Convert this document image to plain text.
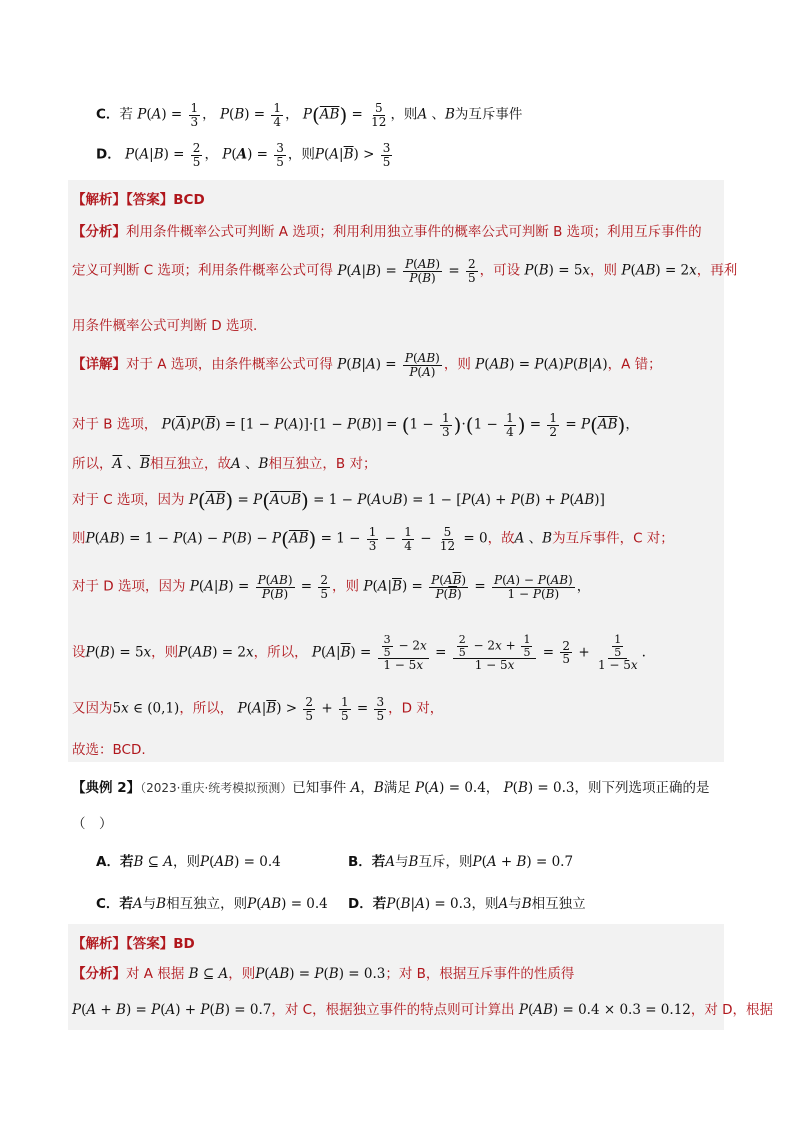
C．若 $P(A) = \frac{1}{3}$ ， $P(B) = \frac{1}{4}$ ， $P(\overline{AB}) = \frac{5}{12}$ ，则A 、B为互斥事件
D． $P(A|B) = \frac{2}{5}$ ， $P(A) = \frac{3}{5}$ ，则$P(A|\overline{B}) > \frac{3}{5}$
【解析】【答案】BCD
【分析】利用条件概率公式可判断 A 选项；利用利用独立事件的概率公式可判断 B 选项；利用互斥事件的
定义可判断 C 选项；利用条件概率公式可得 $P(A|B) = \frac{P(AB)}{P(B)} = \frac{2}{5}$ ，可设 P(B) = 5x，则 P(AB) = 2x，再利
用条件概率公式可判断 D 选项.
【详解】对于 A 选项，由条件概率公式可得 $P(B|A) = \frac{P(AB)}{P(A)}$ ，则 P(AB) = P(A)P(B|A)，A 错；
对于 B 选项， $P(\overline{A})P(\overline{B}) = [1 - P(A)]\cdot[1 - P(B)] = (1 - \frac{1}{3} )\cdot(1 - \frac{1}{4}$ ) = $\frac{1}{2} = P(\overline{AB})$，
所以，$\overline{A}$ 、$\overline{B}$相互独立，故A 、B相互独立，B 对；
对于 C 选项，因为 $P(\overline{AB})$ = P(A∪B) = 1 − P(A∪B) = 1 − [P(A) + P(B) + P(AB)]
则$P(AB) = 1 - P(A) - P(B) - P(\overline{AB}) = 1 - \frac{1}{3} - \frac{1}{4} - \frac{5}{12} = 0$，故A 、B为互斥事件，C 对；
对于 D 选项，因为 $P(A|B) = \frac{P(AB)}{P(B)} = \frac{2}{5}$ ，则 $P(A|\overline{B}) = \frac{P(A\overline{B})}{P(\overline{B})} = \frac{P(A) - P(AB)}{1 - P(B)}$ ，
设P(B) = 5x，则P(AB) = 2x，所以， $P(A|\overline{B}) = \frac{\frac{3}{5} - 2x}{1 - 5x} = \frac{\frac{2}{5} - 2x + \frac{1}{5}}{1 - 5x} = \frac{2}{5} + \frac{\frac{1}{5}}{1 - 5x}$ .
又因为5x ∈ (0,1)，所以， $P(A|\overline{B}) > \frac{2}{5} + \frac{1}{5} = \frac{3}{5}$ ，D 对，
故选：BCD.
【典例 2】（2023·重庆·统考模拟预测）已知事件 A，B满足 P(A) = 0.4， P(B) = 0.3，则下列选项正确的是
（　）
A．若B ⊆ A，则P(AB) = 0.4	B．若A与B互斥，则P(A + B) = 0.7
C．若A与B相互独立，则P(AB) = 0.4 D．若P(B|A) = 0.3，则A与B相互独立
【解析】【答案】BD
【分析】对 A 根据 B ⊆ A，则P(AB) = P(B) = 0.3；对 B，根据互斥事件的性质得
P(A + B) = P(A) + P(B) = 0.7，对 C，根据独立事件的特点则可计算出 P(AB) = 0.4 × 0.3 = 0.12，对 D，根据
